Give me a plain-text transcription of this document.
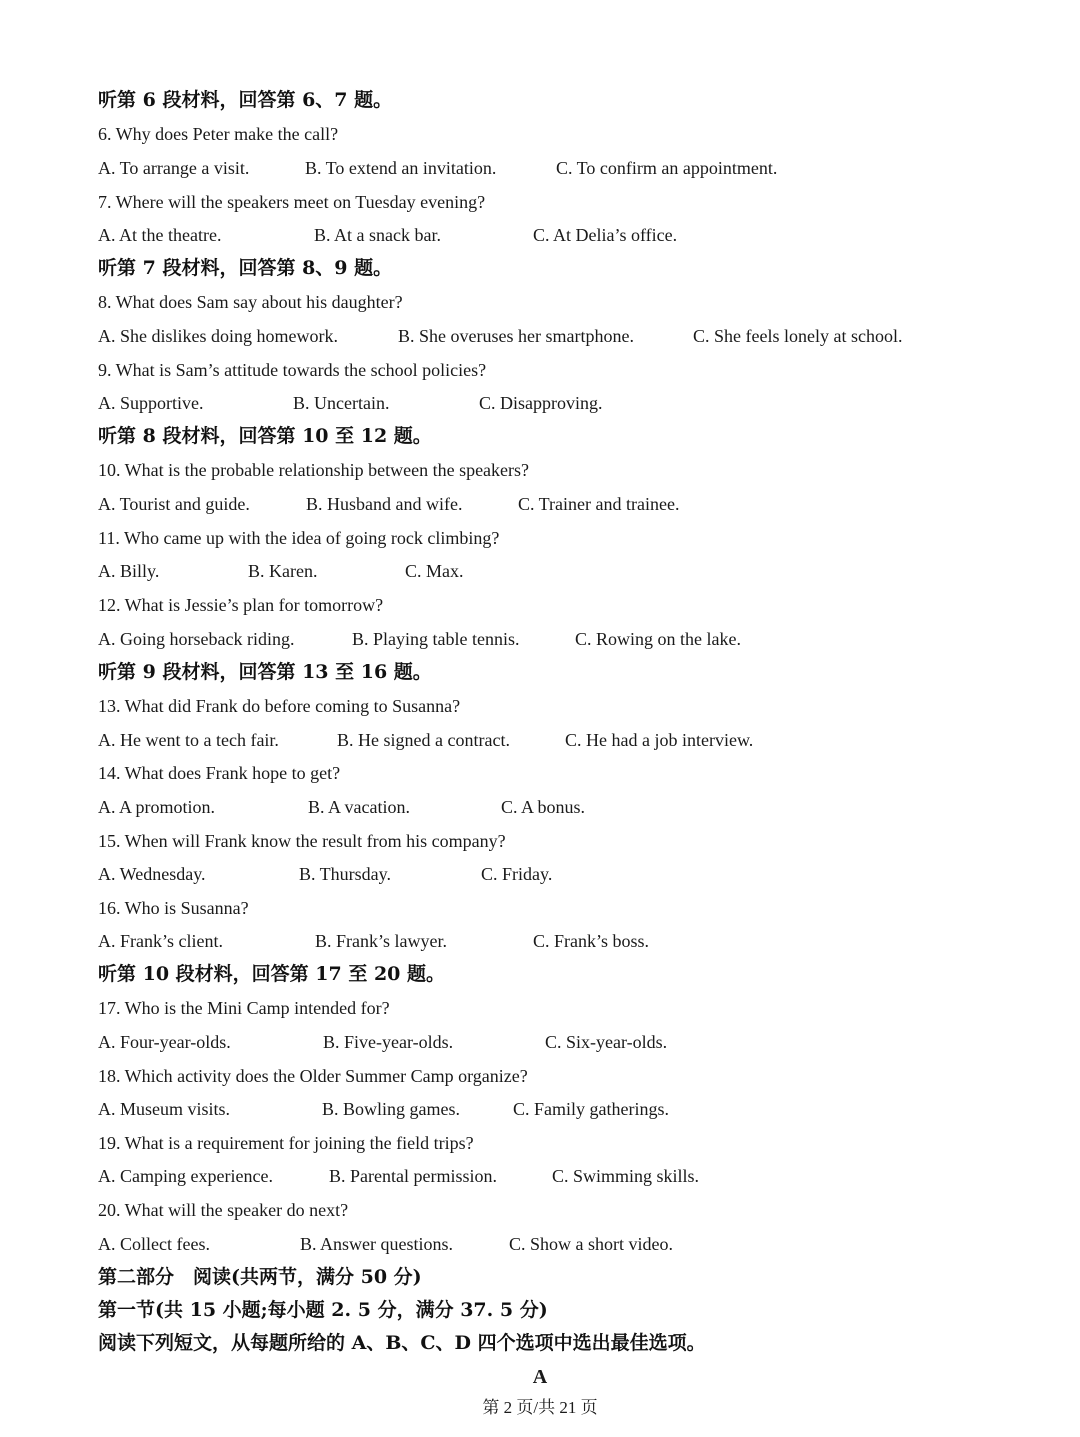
听第 6 段材料，回答第 6、7 题。
6. Why does Peter make the call?
A. To arrange a visit.	B. To extend an invitation.	C. To confirm an appointment.
7. Where will the speakers meet on Tuesday evening?
A. At the theatre.	B. At a snack bar.	C. At Delia’s office.
听第 7 段材料，回答第 8、9 题。
8. What does Sam say about his daughter?
A. She dislikes doing homework.	B. She overuses her smartphone.	C. She feels lonely at school.
9. What is Sam’s attitude towards the school policies?
A. Supportive.	B. Uncertain.	C. Disapproving.
听第 8 段材料，回答第 10 至 12 题。
10. What is the probable relationship between the speakers?
A. Tourist and guide.	B. Husband and wife.	C. Trainer and trainee.
11. Who came up with the idea of going rock climbing?
A. Billy.	B. Karen.	C. Max.
12. What is Jessie’s plan for tomorrow?
A. Going horseback riding.	B. Playing table tennis.	C. Rowing on the lake.
听第 9 段材料，回答第 13 至 16 题。
13. What did Frank do before coming to Susanna?
A. He went to a tech fair.	B. He signed a contract.	C. He had a job interview.
14. What does Frank hope to get?
A. A promotion.	B. A vacation.	C. A bonus.
15. When will Frank know the result from his company?
A. Wednesday.	B. Thursday.	C. Friday.
16. Who is Susanna?
A. Frank’s client.	B. Frank’s lawyer.	C. Frank’s boss.
听第 10 段材料，回答第 17 至 20 题。
17. Who is the Mini Camp intended for?
A. Four-year-olds.	B. Five-year-olds.	C. Six-year-olds.
18. Which activity does the Older Summer Camp organize?
A. Museum visits.	B. Bowling games.	C. Family gatherings.
19. What is a requirement for joining the field trips?
A. Camping experience.	B. Parental permission.	C. Swimming skills.
20. What will the speaker do next?
A. Collect fees.	B. Answer questions.	C. Show a short video.
第二部分　阅读(共两节，满分 50 分)
第一节(共 15 小题;每小题 2. 5 分，满分 37. 5 分)
阅读下列短文，从每题所给的 A、B、C、D 四个选项中选出最佳选项。
A
第 2 页/共 21 页
